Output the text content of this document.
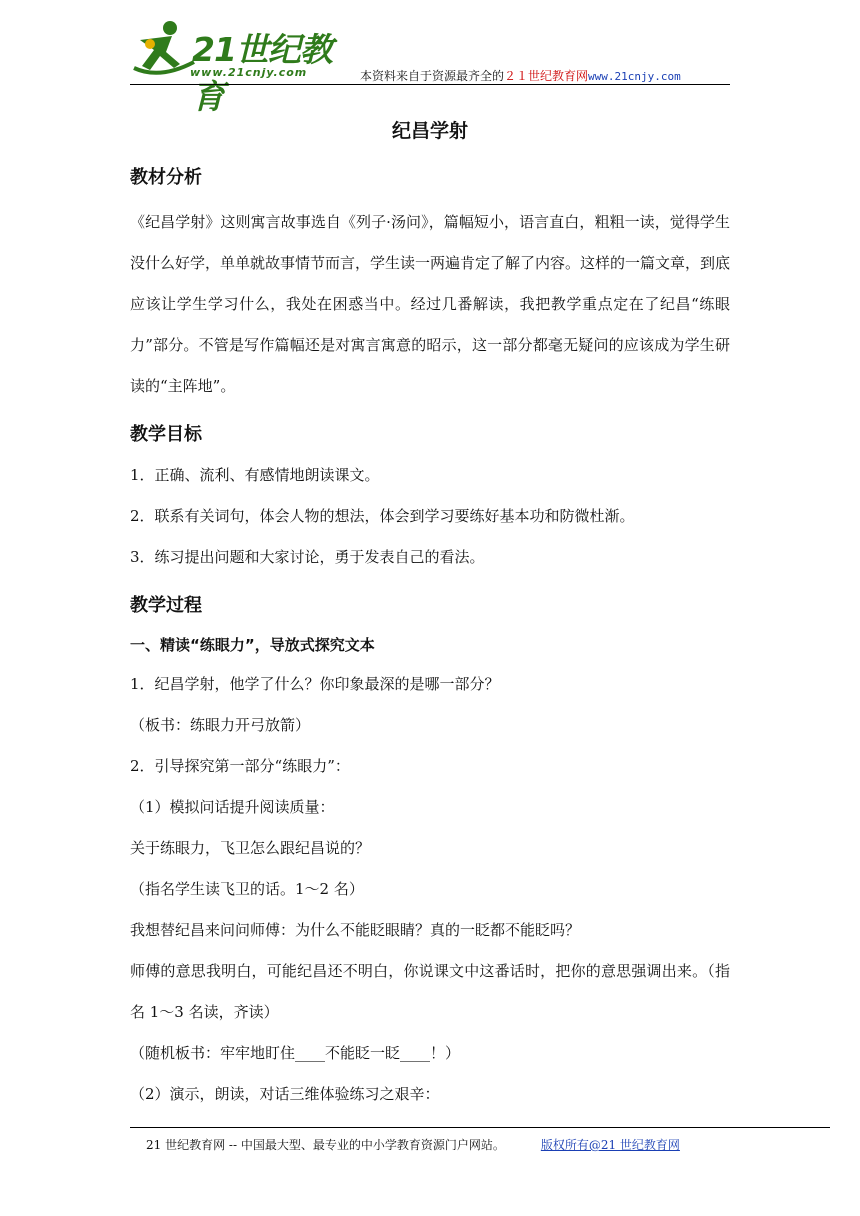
21世纪教育
www.21cnjy.com	本资料来自于资源最齐全的２１世纪教育网www.21cnjy.com
纪昌学射
教材分析

《纪昌学射》这则寓言故事选自《列子·汤问》，篇幅短小，语言直白，粗粗一读，觉得学生没什么好学，单单就故事情节而言，学生读一两遍肯定了解了内容。这样的一篇文章，到底应该让学生学习什么，我处在困惑当中。经过几番解读，我把教学重点定在了纪昌“练眼力”部分。不管是写作篇幅还是对寓言寓意的昭示，这一部分都毫无疑问的应该成为学生研读的“主阵地”。

教学目标

1．正确、流利、有感情地朗读课文。

2．联系有关词句，体会人物的想法，体会到学习要练好基本功和防微杜渐。

3．练习提出问题和大家讨论，勇于发表自己的看法。

教学过程
一、精读“练眼力”，导放式探究文本

1．纪昌学射，他学了什么？你印象最深的是哪一部分？

（板书：练眼力开弓放箭）

2．引导探究第一部分“练眼力”：

（1）模拟问话提升阅读质量：

关于练眼力，飞卫怎么跟纪昌说的？

（指名学生读飞卫的话。1～2 名）

我想替纪昌来问问师傅：为什么不能眨眼睛？真的一眨都不能眨吗？

师傅的意思我明白，可能纪昌还不明白，你说课文中这番话时，把你的意思强调出来。（指名 1～3 名读，齐读）

（随机板书：牢牢地盯住____不能眨一眨____！）

（2）演示，朗读，对话三维体验练习之艰辛：

21 世纪教育网 -- 中国最大型、最专业的中小学教育资源门户网站。	版权所有@21 世纪教育网
